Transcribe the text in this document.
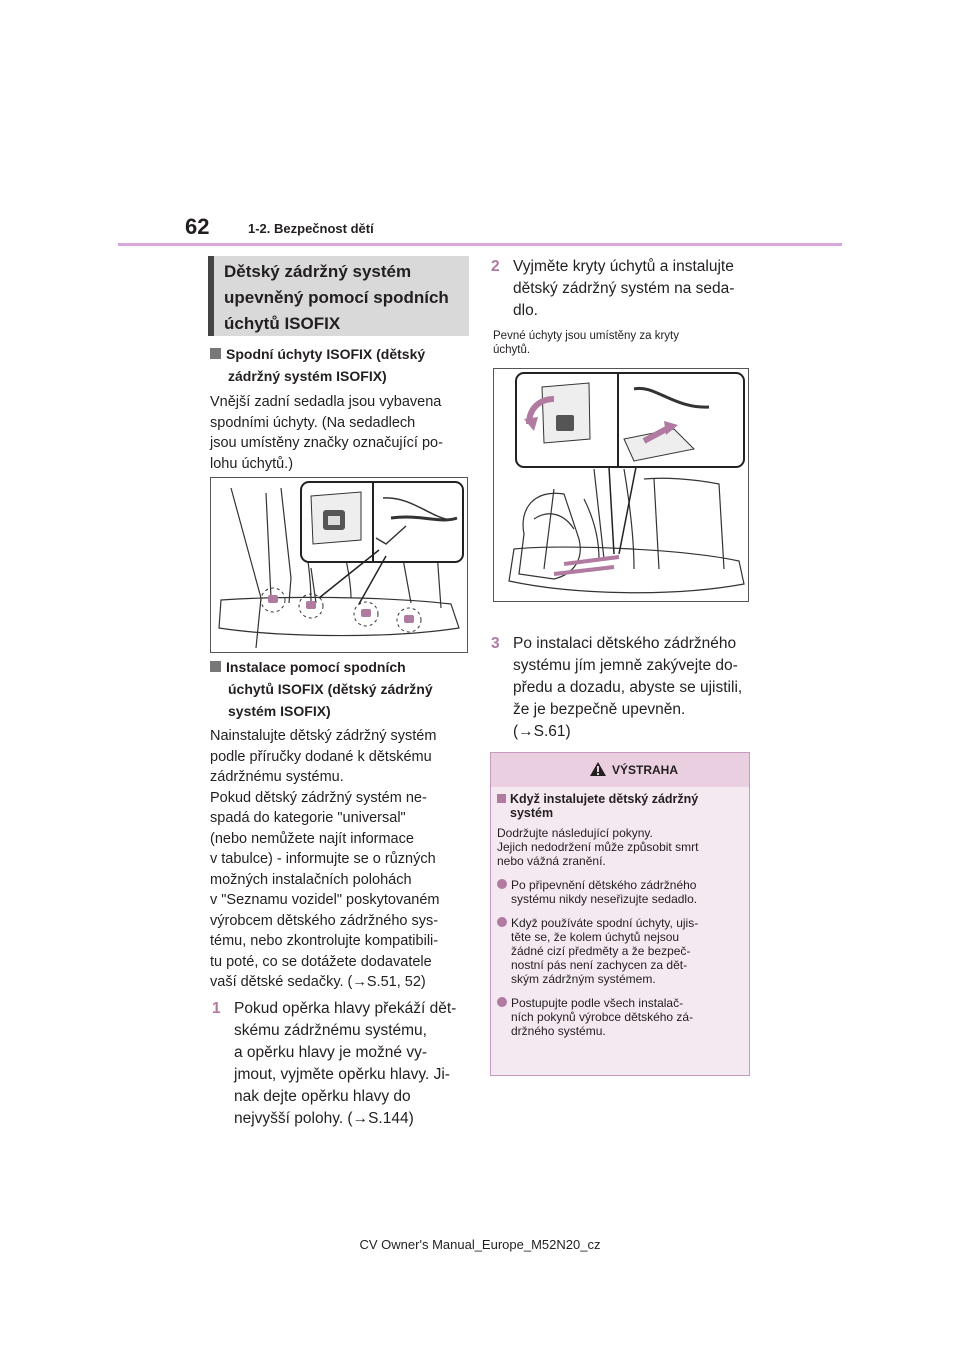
62	1-2. Bezpečnost dětí
Dětský zádržný systém
upevněný pomocí spodních
úchytů ISOFIX
Spodní úchyty ISOFIX (dětský
zádržný systém ISOFIX)
Vnější zadní sedadla jsou vybavena
spodními úchyty. (Na sedadlech
jsou umístěny značky označující po-
lohu úchytů.)
Instalace pomocí spodních
úchytů ISOFIX (dětský zádržný
systém ISOFIX)
Nainstalujte dětský zádržný systém
podle příručky dodané k dětskému
zádržnému systému.
Pokud dětský zádržný systém ne-
spadá do kategorie "universal"
(nebo nemůžete najít informace
v tabulce) - informujte se o různých
možných instalačních polohách
v "Seznamu vozidel" poskytovaném
výrobcem dětského zádržného sys-
tému, nebo zkontrolujte kompatibili-
tu poté, co se dotážete dodavatele
vaší dětské sedačky. (→S.51, 52)
1 Pokud opěrka hlavy překáží dět-
skému zádržnému systému,
a opěrku hlavy je možné vy-
jmout, vyjměte opěrku hlavy. Ji-
nak dejte opěrku hlavy do
nejvyšší polohy. (→S.144)
2 Vyjměte kryty úchytů a instalujte
dětský zádržný systém na seda-
dlo.
Pevné úchyty jsou umístěny za kryty
úchytů.
3 Po instalaci dětského zádržného
systému jím jemně zakývejte do-
předu a dozadu, abyste se ujistili,
že je bezpečně upevněn.
(→S.61)
VÝSTRAHA
Když instalujete dětský zádržný
systém
Dodržujte následující pokyny.
Jejich nedodržení může způsobit smrt
nebo vážná zranění.
Po připevnění dětského zádržného
systému nikdy neseřizujte sedadlo.
Když používáte spodní úchyty, ujis-
těte se, že kolem úchytů nejsou
žádné cizí předměty a že bezpeč-
nostní pás není zachycen za dět-
ským zádržným systémem.
Postupujte podle všech instalač-
ních pokynů výrobce dětského zá-
držného systému.
CV Owner's Manual_Europe_M52N20_cz
